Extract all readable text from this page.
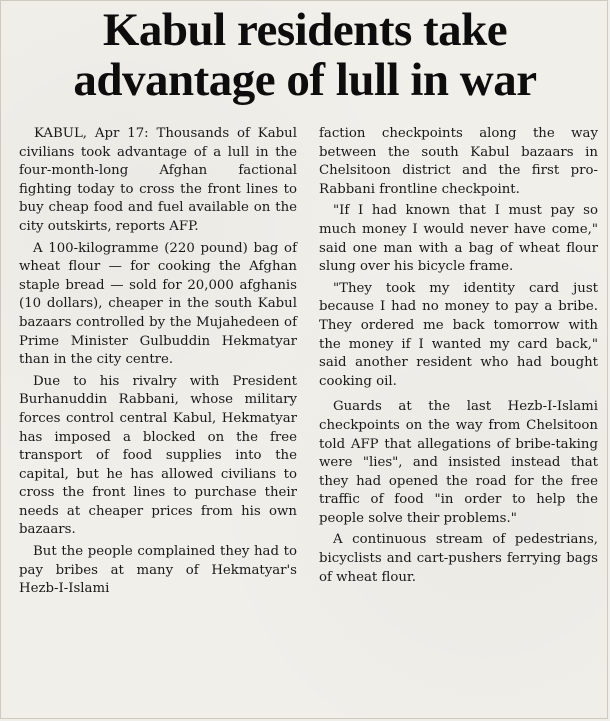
Kabul residents take
advantage of lull in war

KABUL, Apr 17: Thousands of Kabul civilians took advantage of a lull in the four-month-long Afghan factional fighting today to cross the front lines to buy cheap food and fuel available on the city outskirts, reports AFP.

A 100-kilogramme (220 pound) bag of wheat flour — for cooking the Afghan staple bread — sold for 20,000 afghanis (10 dollars), cheaper in the south Kabul bazaars controlled by the Mujahedeen of Prime Minister Gulbuddin Hekmatyar than in the city centre.

Due to his rivalry with President Burhanuddin Rabbani, whose military forces control central Kabul, Hekmatyar has imposed a blocked on the free transport of food supplies into the capital, but he has allowed civilians to cross the front lines to purchase their needs at cheaper prices from his own bazaars.

But the people complained they had to pay bribes at many of Hekmatyar's Hezb-I-Islami

faction checkpoints along the way between the south Kabul bazaars in Chelsitoon district and the first pro-Rabbani frontline checkpoint.

"If I had known that I must pay so much money I would never have come," said one man with a bag of wheat flour slung over his bicycle frame.

"They took my identity card just because I had no money to pay a bribe. They ordered me back tomorrow with the money if I wanted my card back," said another resident who had bought cooking oil.

Guards at the last Hezb-I-Islami checkpoints on the way from Chelsitoon told AFP that allegations of bribe-taking were "lies", and insisted instead that they had opened the road for the free traffic of food "in order to help the people solve their problems."

A continuous stream of pedestrians, bicyclists and cart-pushers ferrying bags of wheat flour.
